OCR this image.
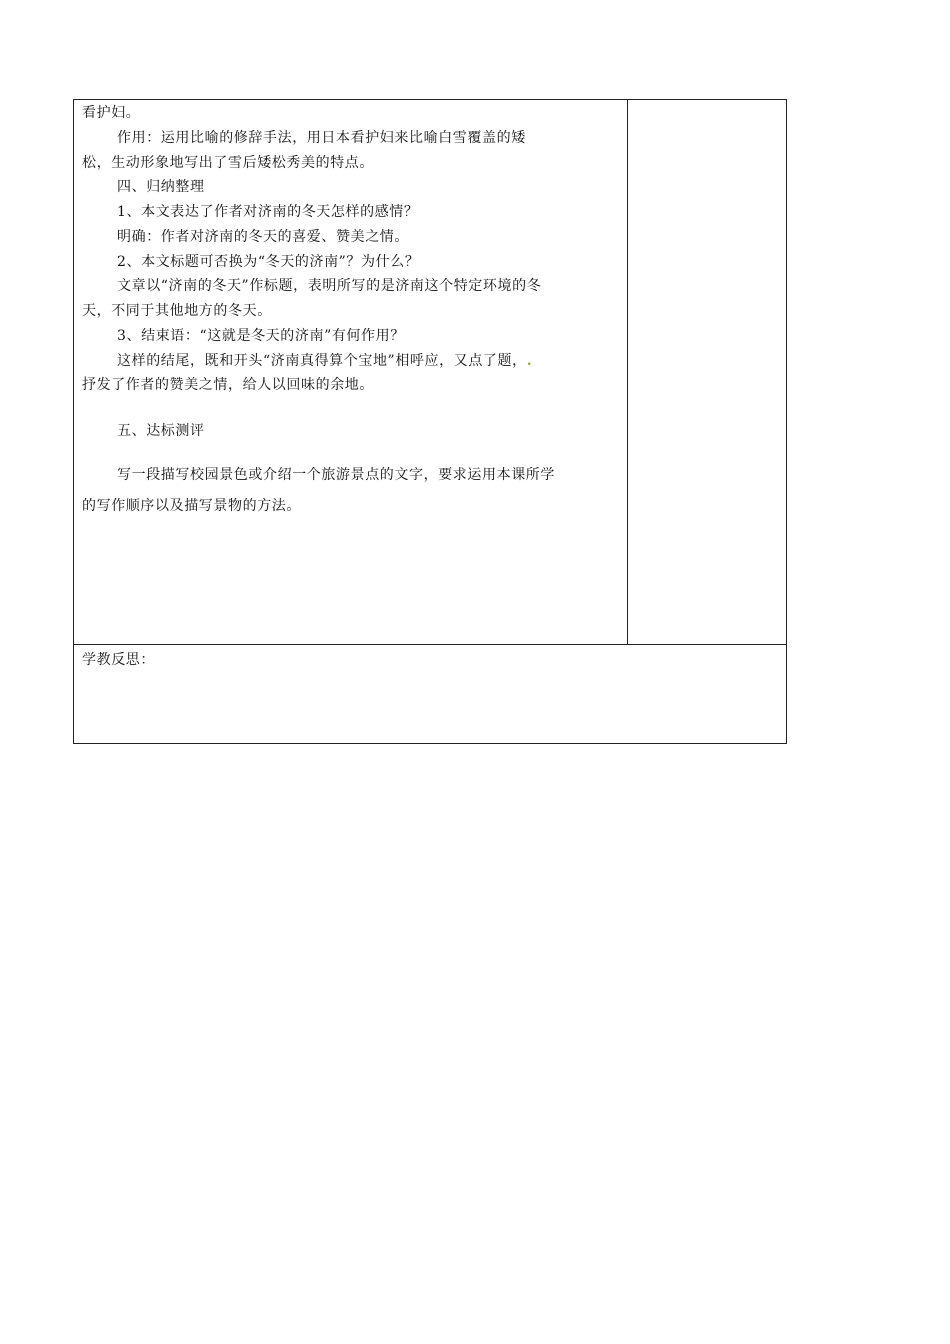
看护妇。
作用：运用比喻的修辞手法，用日本看护妇来比喻白雪覆盖的矮
松，生动形象地写出了雪后矮松秀美的特点。
四、归纳整理
1、本文表达了作者对济南的冬天怎样的感情？
明确：作者对济南的冬天的喜爱、赞美之情。
2、本文标题可否换为“冬天的济南”？为什么？
文章以“济南的冬天”作标题，表明所写的是济南这个特定环境的冬
天，不同于其他地方的冬天。
3、结束语：“这就是冬天的济南”有何作用？
这样的结尾，既和开头“济南真得算个宝地”相呼应，又点了题，.
抒发了作者的赞美之情，给人以回味的余地。
五、达标测评
写一段描写校园景色或介绍一个旅游景点的文字，要求运用本课所学
的写作顺序以及描写景物的方法。
学教反思：
